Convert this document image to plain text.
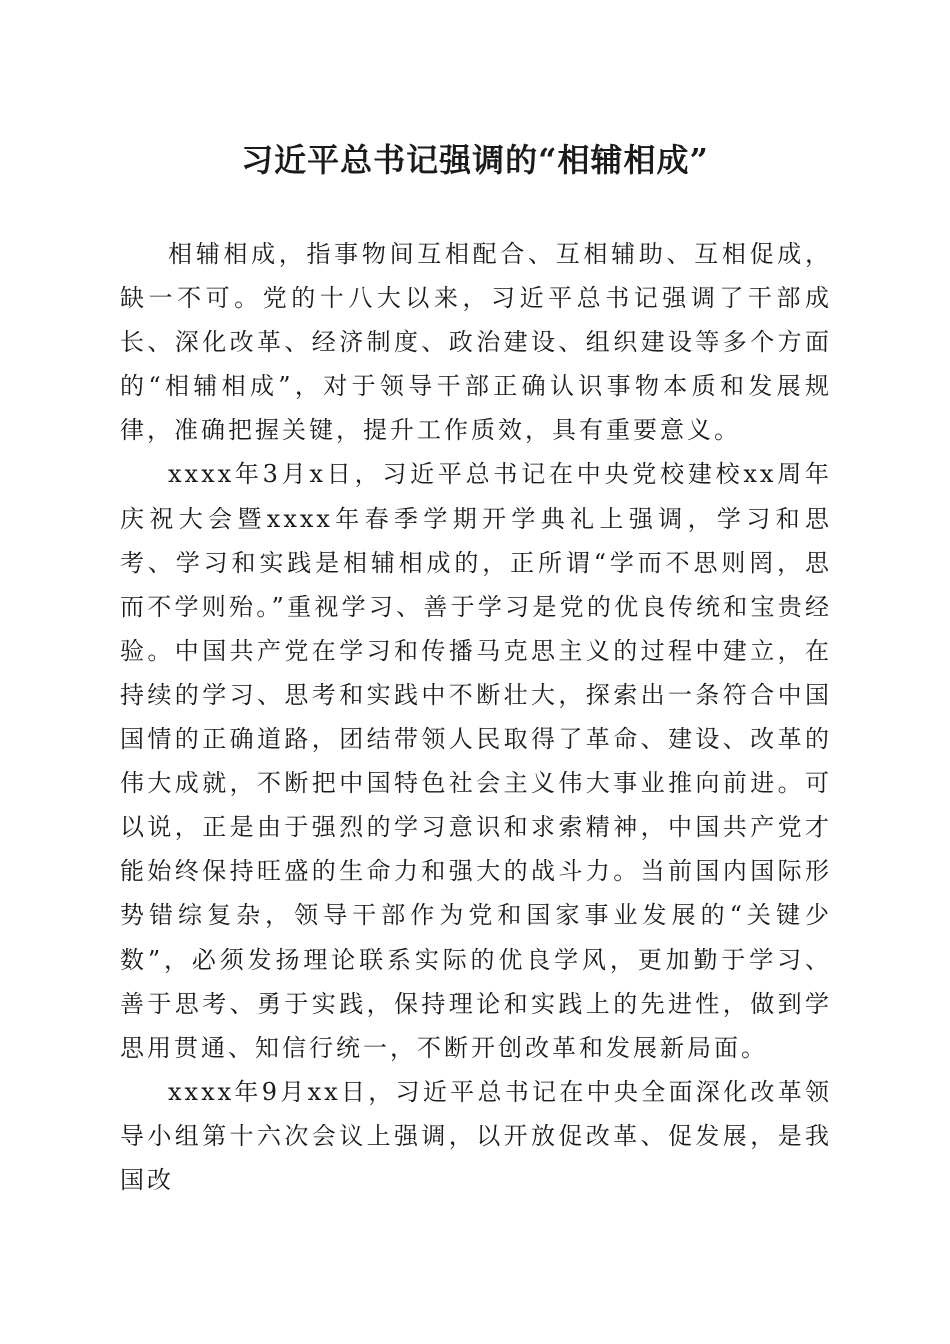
习近平总书记强调的“相辅相成”

相辅相成，指事物间互相配合、互相辅助、互相促成，缺一不可。党的十八大以来，习近平总书记强调了干部成长、深化改革、经济制度、政治建设、组织建设等多个方面的“相辅相成”，对于领导干部正确认识事物本质和发展规律，准确把握关键，提升工作质效，具有重要意义。

xxxx年3月x日，习近平总书记在中央党校建校xx周年庆祝大会暨xxxx年春季学期开学典礼上强调，学习和思考、学习和实践是相辅相成的，正所谓“学而不思则罔，思而不学则殆。”重视学习、善于学习是党的优良传统和宝贵经验。中国共产党在学习和传播马克思主义的过程中建立，在持续的学习、思考和实践中不断壮大，探索出一条符合中国国情的正确道路，团结带领人民取得了革命、建设、改革的伟大成就，不断把中国特色社会主义伟大事业推向前进。可以说，正是由于强烈的学习意识和求索精神，中国共产党才能始终保持旺盛的生命力和强大的战斗力。当前国内国际形势错综复杂，领导干部作为党和国家事业发展的“关键少数”，必须发扬理论联系实际的优良学风，更加勤于学习、善于思考、勇于实践，保持理论和实践上的先进性，做到学思用贯通、知信行统一，不断开创改革和发展新局面。

xxxx年9月xx日，习近平总书记在中央全面深化改革领导小组第十六次会议上强调，以开放促改革、促发展，是我国改
